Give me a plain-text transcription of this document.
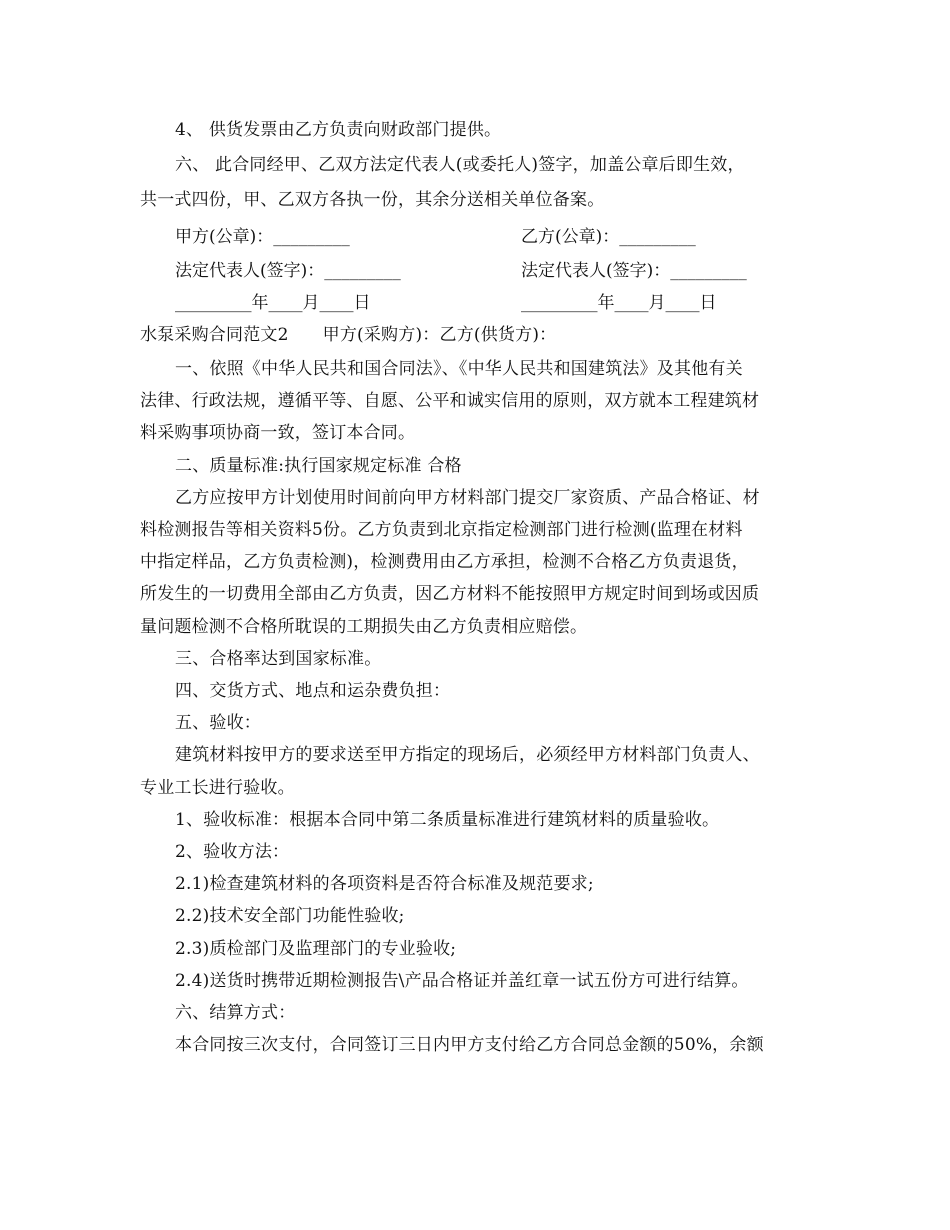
4、 供货发票由乙方负责向财政部门提供。
六、 此合同经甲、乙双方法定代表人(或委托人)签字，加盖公章后即生效，
共一式四份，甲、乙双方各执一份，其余分送相关单位备案。
甲方(公章)：_________	乙方(公章)：_________
法定代表人(签字)：_________	法定代表人(签字)：_________
_________年____月____日	_________年____月____日
水泵采购合同范文2 甲方(采购方)：乙方(供货方)：
一、依照《中华人民共和国合同法》、《中华人民共和国建筑法》及其他有关
法律、行政法规，遵循平等、自愿、公平和诚实信用的原则，双方就本工程建筑材
料采购事项协商一致，签订本合同。
二、质量标准:执行国家规定标准 合格
乙方应按甲方计划使用时间前向甲方材料部门提交厂家资质、产品合格证、材
料检测报告等相关资料5份。乙方负责到北京指定检测部门进行检测(监理在材料
中指定样品，乙方负责检测)，检测费用由乙方承担，检测不合格乙方负责退货，
所发生的一切费用全部由乙方负责，因乙方材料不能按照甲方规定时间到场或因质
量问题检测不合格所耽误的工期损失由乙方负责相应赔偿。
三、合格率达到国家标准。
四、交货方式、地点和运杂费负担：
五、验收：
建筑材料按甲方的要求送至甲方指定的现场后，必须经甲方材料部门负责人、
专业工长进行验收。
1、验收标准：根据本合同中第二条质量标准进行建筑材料的质量验收。
2、验收方法：
2.1)检查建筑材料的各项资料是否符合标准及规范要求;
2.2)技术安全部门功能性验收;
2.3)质检部门及监理部门的专业验收;
2.4)送货时携带近期检测报告\产品合格证并盖红章一试五份方可进行结算。
六、结算方式：
本合同按三次支付，合同签订三日内甲方支付给乙方合同总金额的50%，余额
